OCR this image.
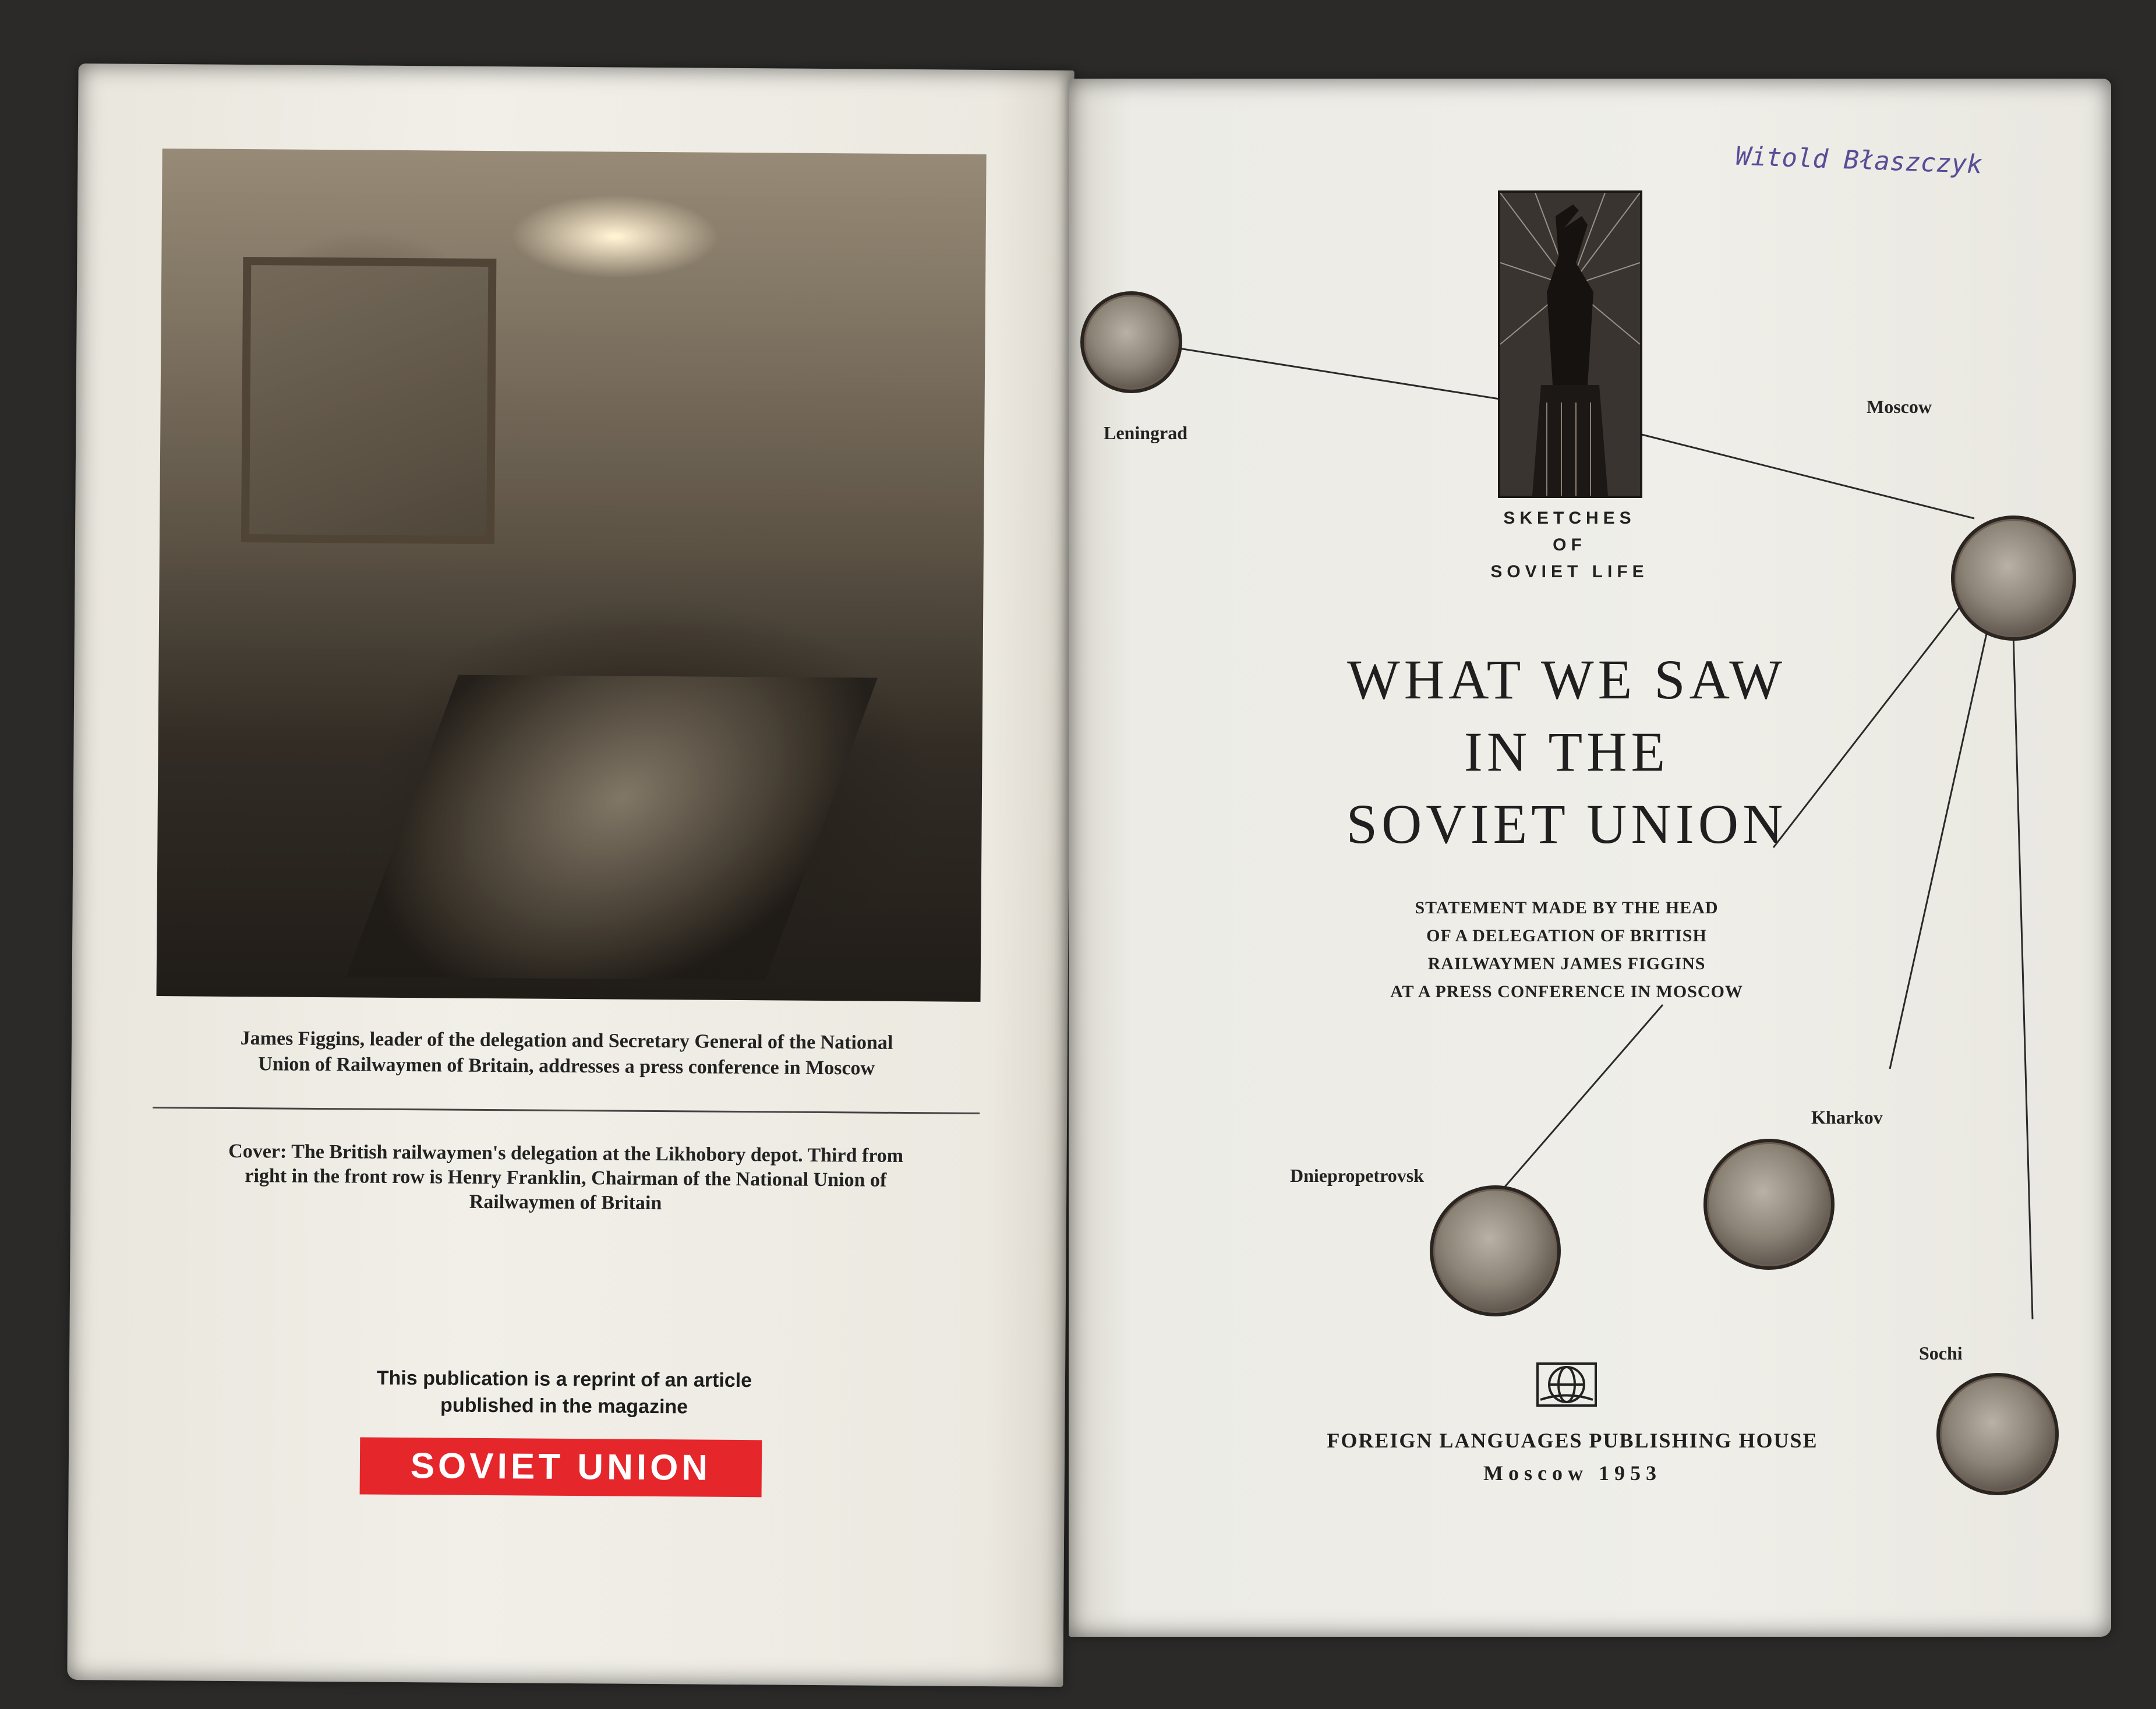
James Figgins, leader of the delegation and Secretary General of the National
Union of Railwaymen of Britain, addresses a press conference in Moscow
Cover: The British railwaymen's delegation at the Likhobory depot. Third from
right in the front row is Henry Franklin, Chairman of the National Union of
Railwaymen of Britain
This publication is a reprint of an article
published in the magazine
SOVIET UNION
Witold Błaszczyk
SKETCHES
OF
SOVIET LIFE
WHAT WE SAW
IN THE
SOVIET UNION
STATEMENT MADE BY THE HEAD
OF A DELEGATION OF BRITISH
RAILWAYMEN JAMES FIGGINS
AT A PRESS CONFERENCE IN MOSCOW
Leningrad
Moscow
Dniepropetrovsk
Kharkov
Sochi
FOREIGN LANGUAGES PUBLISHING HOUSE
Moscow 1953
